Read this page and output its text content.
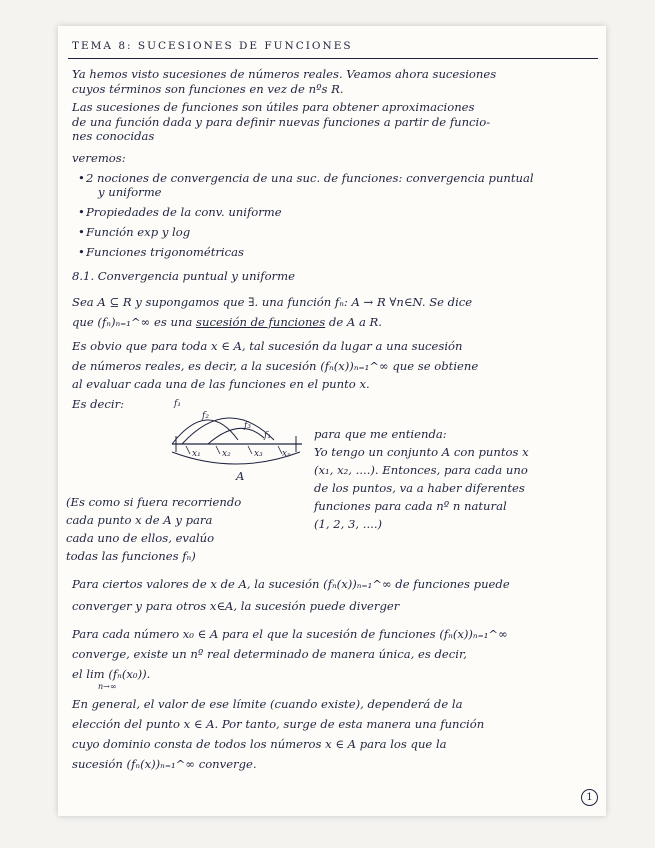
TEMA 8: SUCESIONES DE FUNCIONES
Ya hemos visto sucesiones de números reales. Veamos ahora sucesiones
cuyos términos son funciones en vez de nºs R.
Las sucesiones de funciones son útiles para obtener aproximaciones
de una función dada y para definir nuevas funciones a partir de funcio-
nes conocidas
veremos:
2 nociones de convergencia de una suc. de funciones: convergencia puntual
y uniforme
Propiedades de la conv. uniforme
Función exp y log
Funciones trigonométricas
•
•
•
•
8.1. Convergencia puntual y uniforme
Sea A ⊆ R y supongamos que ∃. una función fₙ: A → R ∀n∈N. Se dice
que (fₙ)ₙ₌₁^∞ es una sucesión de funciones de A a R.
Es obvio que para toda x ∈ A, tal sucesión da lugar a una sucesión
de números reales, es decir, a la sucesión (fₙ(x))ₙ₌₁^∞ que se obtiene
al evaluar cada una de las funciones en el punto x.
Es decir:	f₁
f₂
f₃
f₁
x₁ x₂	x₃ xₙ
A
para que me entienda:
Yo tengo un conjunto A con puntos x
(x₁, x₂, ....). Entonces, para cada uno
de los puntos, va a haber diferentes
funciones para cada nº n natural
(1, 2, 3, ....)
(Es como si fuera recorriendo
cada punto x de A y para
cada uno de ellos, evalúo
todas las funciones fₙ)
Para ciertos valores de x de A, la sucesión (fₙ(x))ₙ₌₁^∞ de funciones puede
converger y para otros x∈A, la sucesión puede diverger
Para cada número x₀ ∈ A para el que la sucesión de funciones (fₙ(x))ₙ₌₁^∞
converge, existe un nº real determinado de manera única, es decir,
el lim (fₙ(x₀)).
n→∞
En general, el valor de ese límite (cuando existe), dependerá de la
elección del punto x ∈ A. Por tanto, surge de esta manera una función
cuyo dominio consta de todos los números x ∈ A para los que la
sucesión (fₙ(x))ₙ₌₁^∞ converge.
1
